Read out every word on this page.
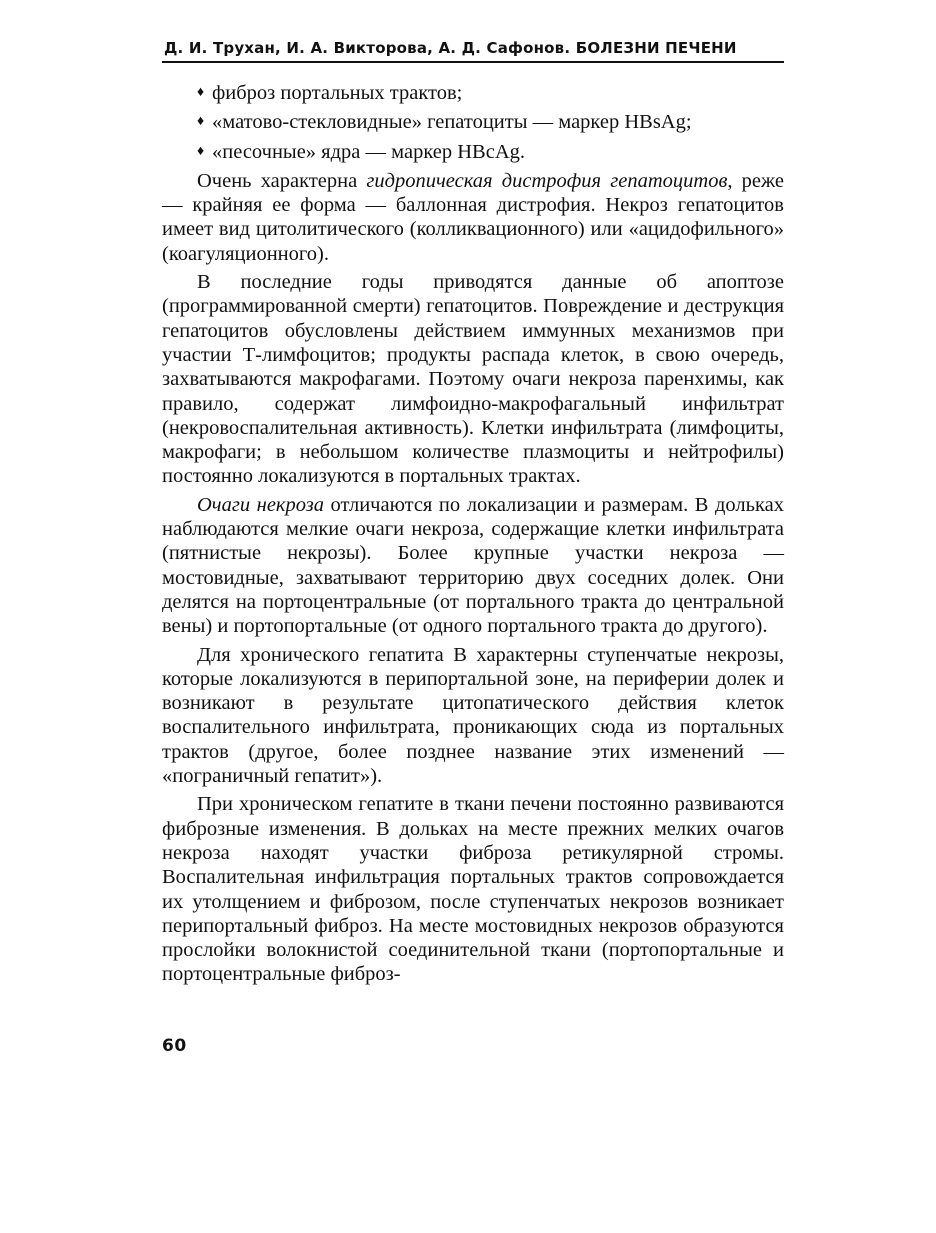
Д. И. Трухан, И. А. Викторова, А. Д. Сафонов. БОЛЕЗНИ ПЕЧЕНИ
♦ фиброз портальных трактов;
♦ «матово-стекловидные» гепатоциты — маркер HBsAg;
♦ «песочные» ядра — маркер HBcAg.

Очень характерна гидропическая дистрофия гепатоцитов, реже — крайняя ее форма — баллонная дистрофия. Некроз гепатоцитов имеет вид цитолитического (колликвационного) или «ацидофильного» (коагуляционного).

В последние годы приводятся данные об апоптозе (программированной смерти) гепатоцитов. Повреждение и деструкция гепатоцитов обусловлены действием иммунных механизмов при участии Т-лимфоцитов; продукты распада клеток, в свою очередь, захватываются макрофагами. Поэтому очаги некроза паренхимы, как правило, содержат лимфоидно-макрофагальный инфильтрат (некровоспалительная активность). Клетки инфильтрата (лимфоциты, макрофаги; в небольшом количестве плазмоциты и нейтрофилы) постоянно локализуются в портальных трактах.

Очаги некроза отличаются по локализации и размерам. В дольках наблюдаются мелкие очаги некроза, содержащие клетки инфильтрата (пятнистые некрозы). Более крупные участки некроза — мостовидные, захватывают территорию двух соседних долек. Они делятся на портоцентральные (от портального тракта до центральной вены) и портопортальные (от одного портального тракта до другого).

Для хронического гепатита В характерны ступенчатые некрозы, которые локализуются в перипортальной зоне, на периферии долек и возникают в результате цитопатического действия клеток воспалительного инфильтрата, проникающих сюда из портальных трактов (другое, более позднее название этих изменений — «пограничный гепатит»).

При хроническом гепатите в ткани печени постоянно развиваются фиброзные изменения. В дольках на месте прежних мелких очагов некроза находят участки фиброза ретикулярной стромы. Воспалительная инфильтрация портальных трактов сопровождается их утолщением и фиброзом, после ступенчатых некрозов возникает перипортальный фиброз. На месте мостовидных некрозов образуются прослойки волокнистой соединительной ткани (портопортальные и портоцентральные фиброз-

60
